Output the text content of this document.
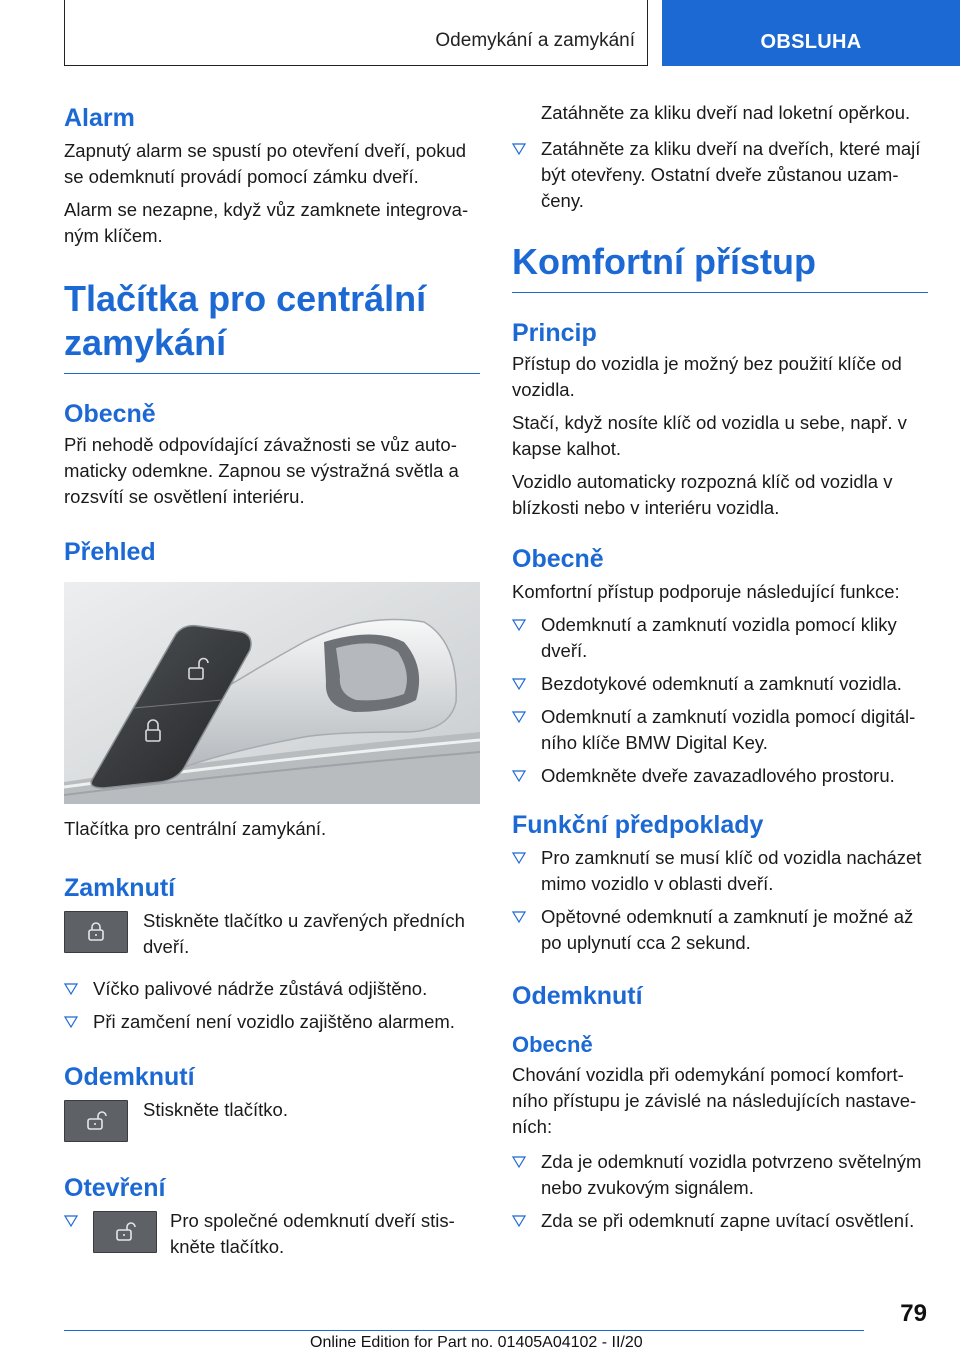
Odemykání a zamykání	OBSLUHA
Alarm

Zapnutý alarm se spustí po otevření dveří, pokud se odemknutí provádí pomocí zámku dveří.

Alarm se nezapne, když vůz zamknete integrovaným klíčem.

Tlačítka pro centrální zamykání
Obecně

Při nehodě odpovídající závažnosti se vůz automaticky odemkne. Zapnou se výstražná světla a rozsvítí se osvětlení interiéru.

Přehled

Tlačítka pro centrální zamykání.

Zamknutí

Stiskněte tlačítko u zavřených předních dveří.

Víčko palivové nádrže zůstává odjištěno.
Při zamčení není vozidlo zajištěno alarmem.
Odemknutí

Stiskněte tlačítko.

Otevření

Pro společné odemknutí dveří stiskněte tlačítko.

Zatáhněte za kliku dveří nad loketní opěrkou.

Zatáhněte za kliku dveří na dveřích, které mají být otevřeny. Ostatní dveře zůstanou uzamčeny.
Komfortní přístup
Princip

Přístup do vozidla je možný bez použití klíče od vozidla.

Stačí, když nosíte klíč od vozidla u sebe, např. v kapse kalhot.

Vozidlo automaticky rozpozná klíč od vozidla v blízkosti nebo v interiéru vozidla.

Obecně

Komfortní přístup podporuje následující funkce:

Odemknutí a zamknutí vozidla pomocí kliky dveří.
Bezdotykové odemknutí a zamknutí vozidla.
Odemknutí a zamknutí vozidla pomocí digitálního klíče BMW Digital Key.
Odemkněte dveře zavazadlového prostoru.
Funkční předpoklady
Pro zamknutí se musí klíč od vozidla nacházet mimo vozidlo v oblasti dveří.
Opětovné odemknutí a zamknutí je možné až po uplynutí cca 2 sekund.
Odemknutí
Obecně

Chování vozidla při odemykání pomocí komfortního přístupu je závislé na následujících nastaveních:

Zda je odemknutí vozidla potvrzeno světelným nebo zvukovým signálem.
Zda se při odemknutí zapne uvítací osvětlení.
79
Online Edition for Part no. 01405A04102 - II/20
